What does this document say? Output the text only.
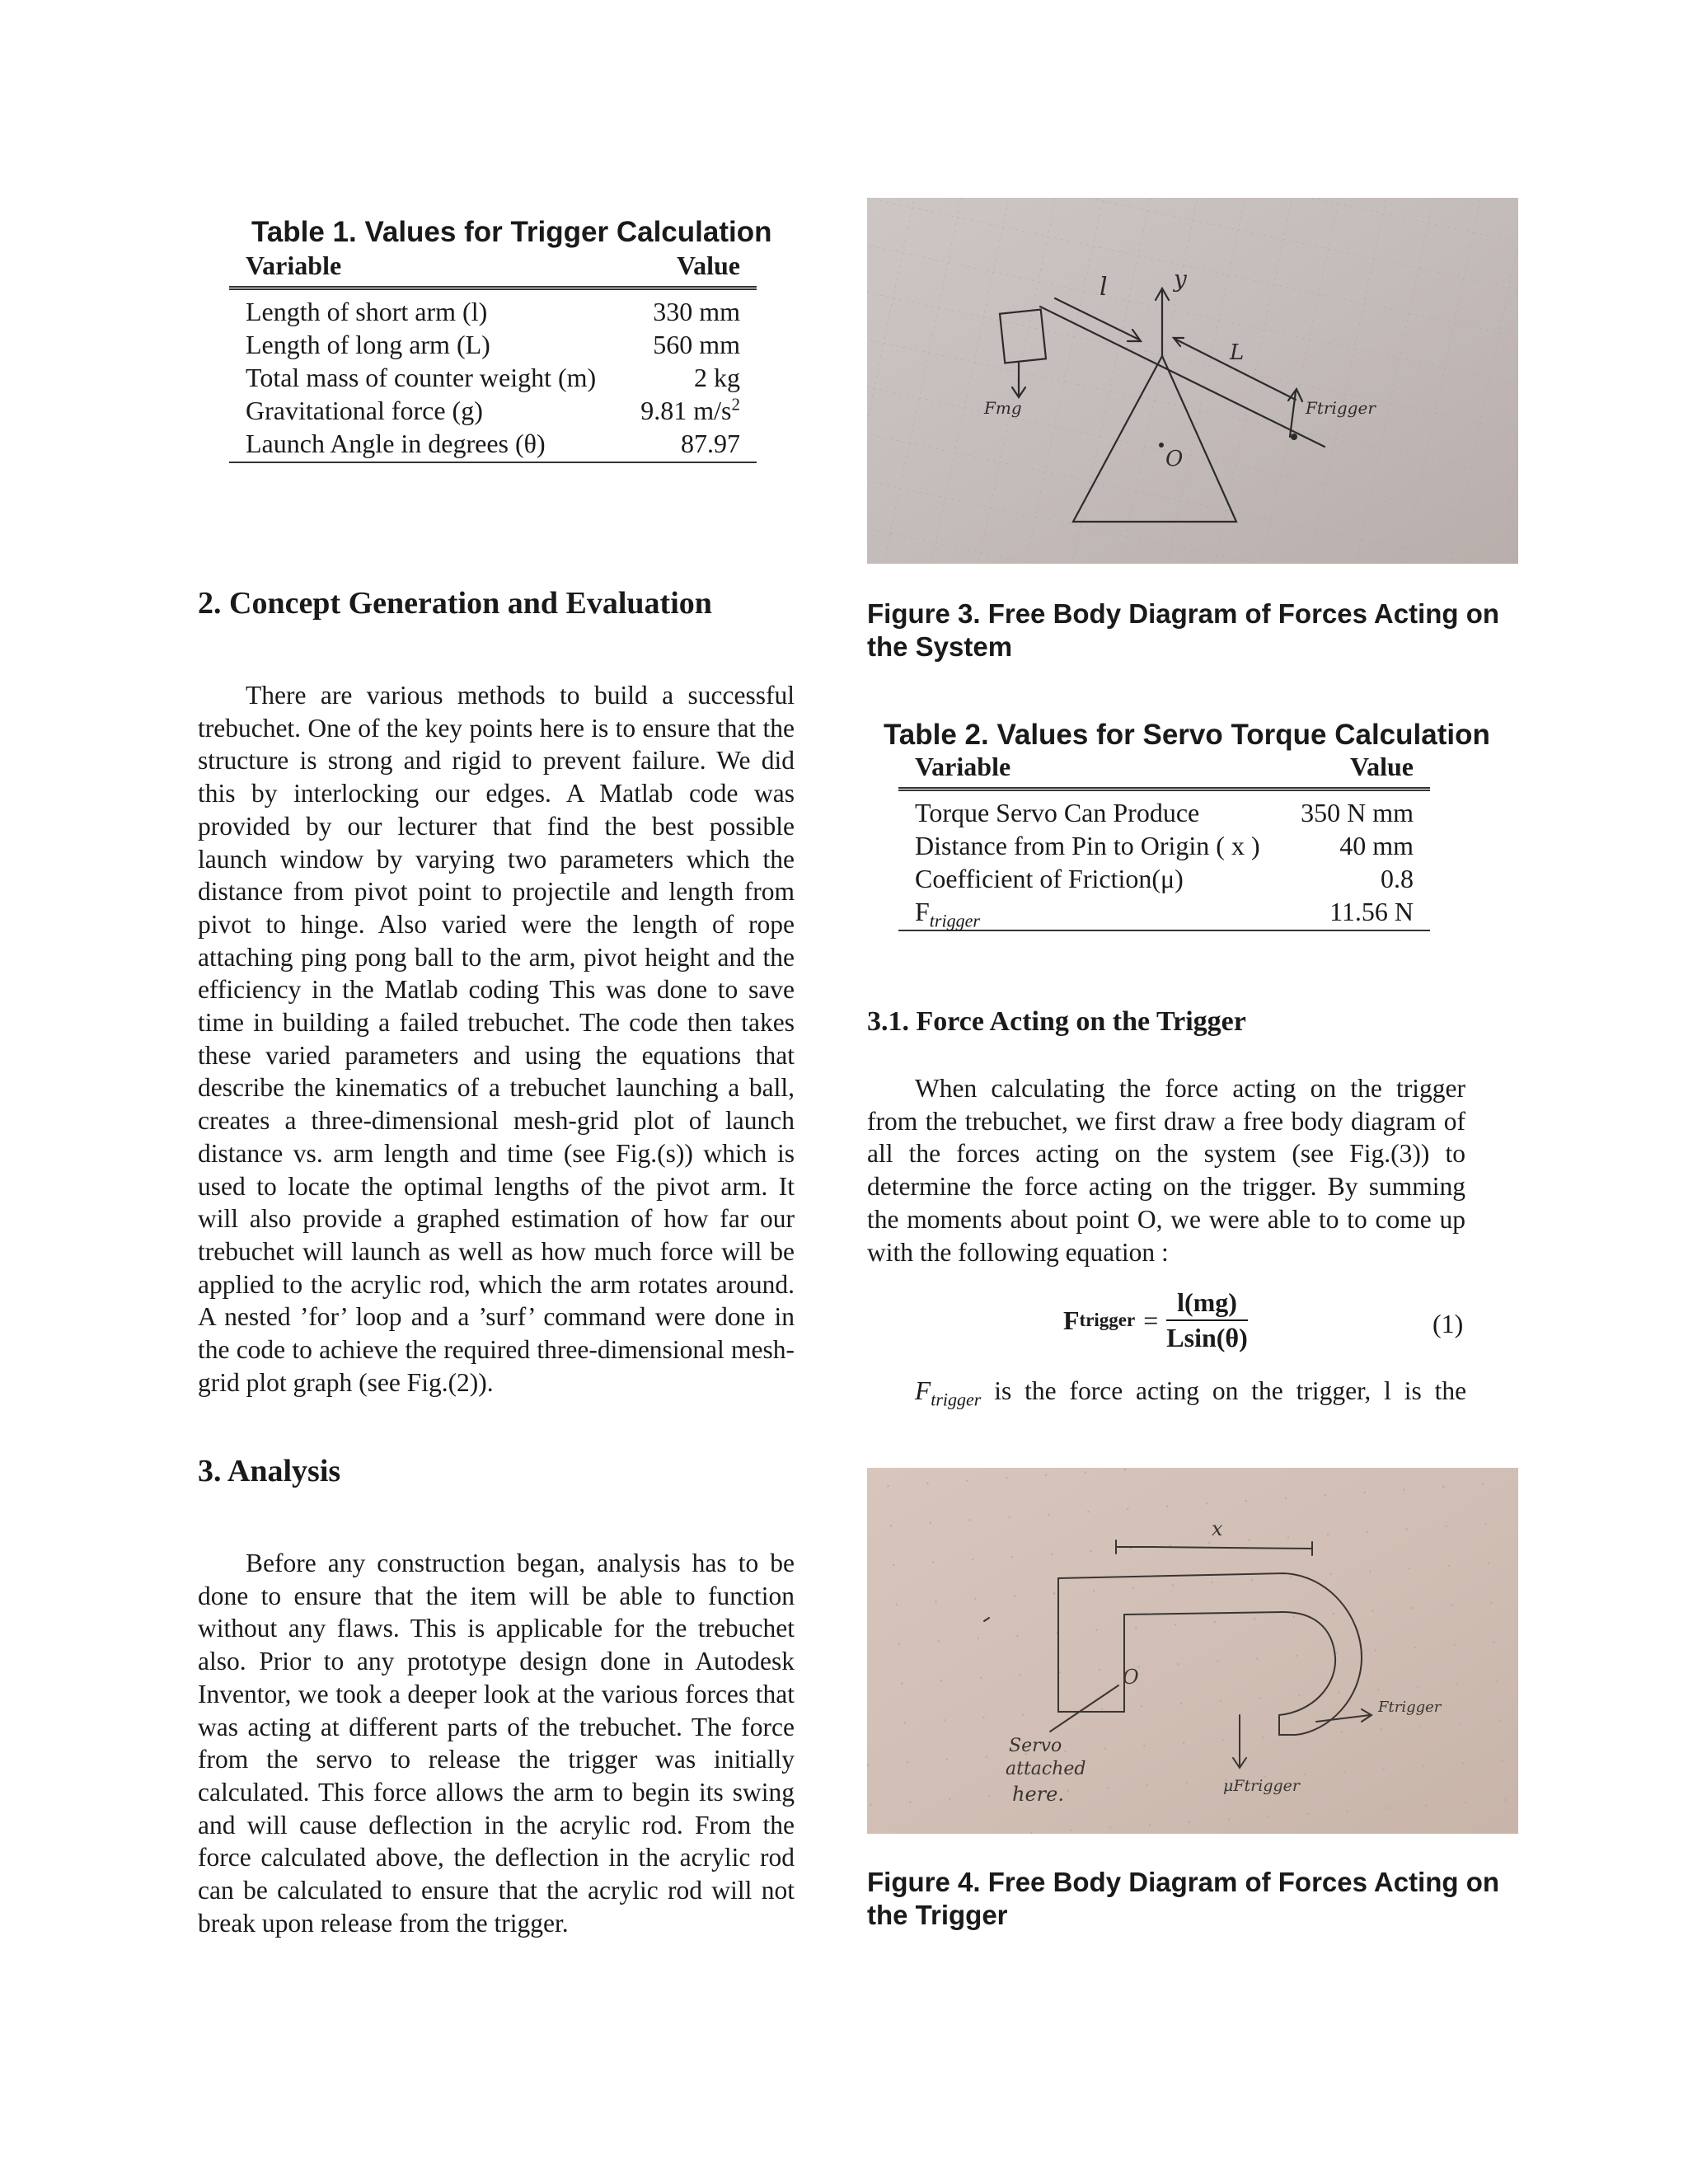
Table 1. Values for Trigger Calculation
Variable	Value
Length of short arm (l)	330 mm
Length of long arm (L)	560 mm
Total mass of counter weight (m)	2 kg
Gravitational force (g)	9.81 $m/s^2$
Launch Angle in degrees (θ)	87.97
2. Concept Generation and Evaluation

There are various methods to build a successful trebuchet. One of the key points here is to ensure that the structure is strong and rigid to prevent failure. We did this by interlocking our edges. A Matlab code was provided by our lecturer that find the best possible launch window by varying two parameters which the distance from pivot point to projectile and length from pivot to hinge. Also varied were the length of rope attaching ping pong ball to the arm, pivot height and the efficiency in the Matlab coding This was done to save time in building a failed trebuchet. The code then takes these varied parameters and using the equations that describe the kinematics of a trebuchet launching a ball, creates a three-dimensional mesh-grid plot of launch distance vs. arm length and time (see Fig.(s)) which is used to locate the optimal lengths of the pivot arm. It will also provide a graphed estimation of how far our trebuchet will launch as well as how much force will be applied to the acrylic rod, which the arm rotates around. A nested ’for’ loop and a ’surf’ command were done in the code to achieve the required three-dimensional mesh-grid plot graph (see Fig.(2)).

3. Analysis

Before any construction began, analysis has to be done to ensure that the item will be able to function without any flaws. This is applicable for the trebuchet also. Prior to any prototype design done in Autodesk Inventor, we took a deeper look at the various forces that was acting at different parts of the trebuchet. The force from the servo to release the trigger was initially calculated. This force allows the arm to begin its swing and will cause deflection in the acrylic rod. From the force calculated above, the deflection in the acrylic rod can be calculated to ensure that the acrylic rod will not break upon release from the trigger.

l	y
L
Fmg	Ftrigger
O

Figure 3. Free Body Diagram of Forces Acting on the System

Table 2. Values for Servo Torque Calculation
Variable	Value
Torque Servo Can Produce	350 N mm
Distance from Pin to Origin ( x )	40 mm
Coefficient of Friction(μ)	0.8
$F_{trigger}$	11.56 N
3.1. Force Acting on the Trigger

When calculating the force acting on the trigger from the trebuchet, we first draw a free body diagram of all the forces acting on the system (see Fig.(3)) to determine the force acting on the trigger. By summing the moments about point O, we were able to to come up with the following equation :

F trigger = $\frac{l(mg)}{Lsin(\theta)}$	(1)
$F_{trigger}$ is the force acting on the trigger, l is the
x
O
Ftrigger
Servo
attached
here.	μFtrigger

Figure 4. Free Body Diagram of Forces Acting on the Trigger
